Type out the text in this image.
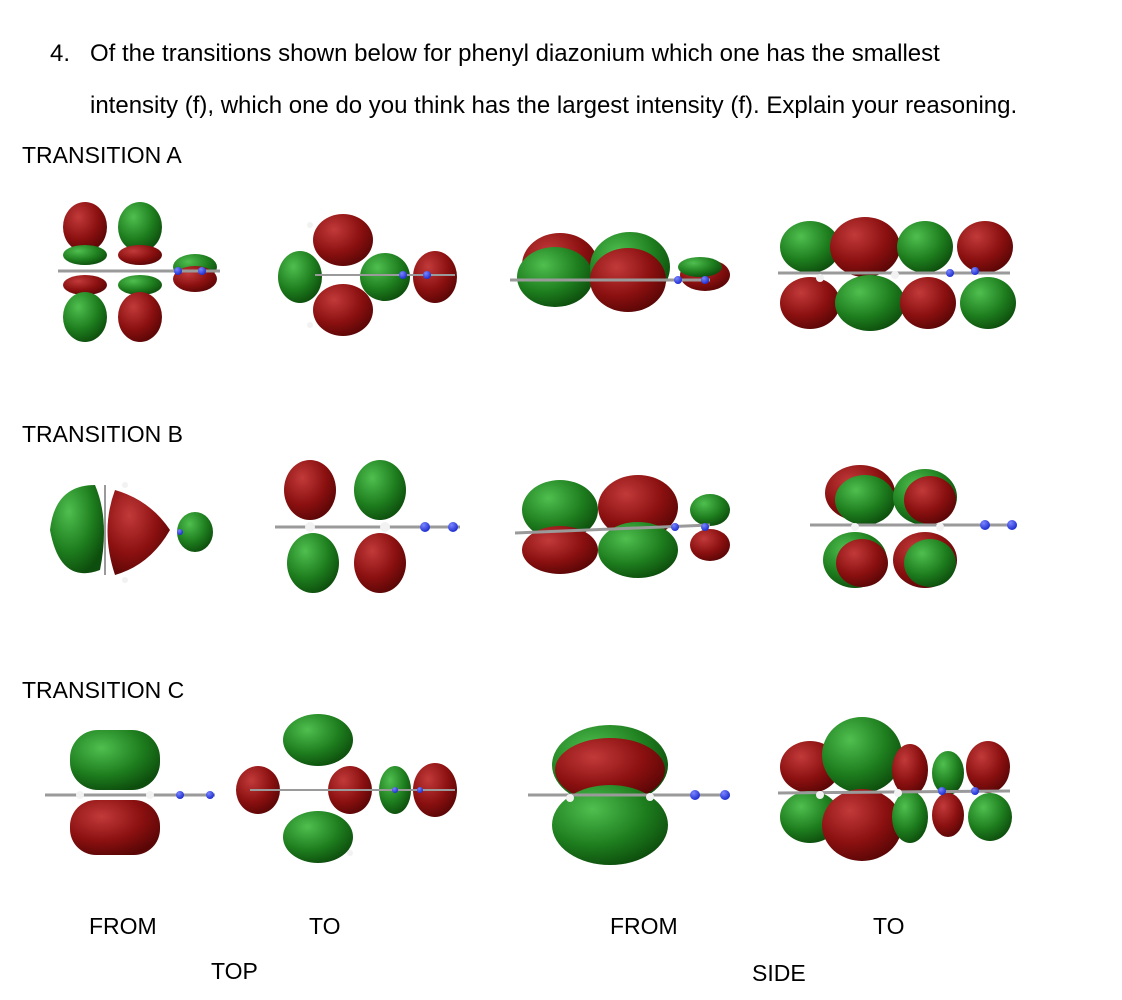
4. Of the transitions shown below for phenyl diazonium which one has the smallest
intensity (f), which one do you think has the largest intensity (f). Explain your reasoning.
TRANSITION A
TRANSITION B
TRANSITION C
FROM	TO	FROM	TO
TOP	SIDE
